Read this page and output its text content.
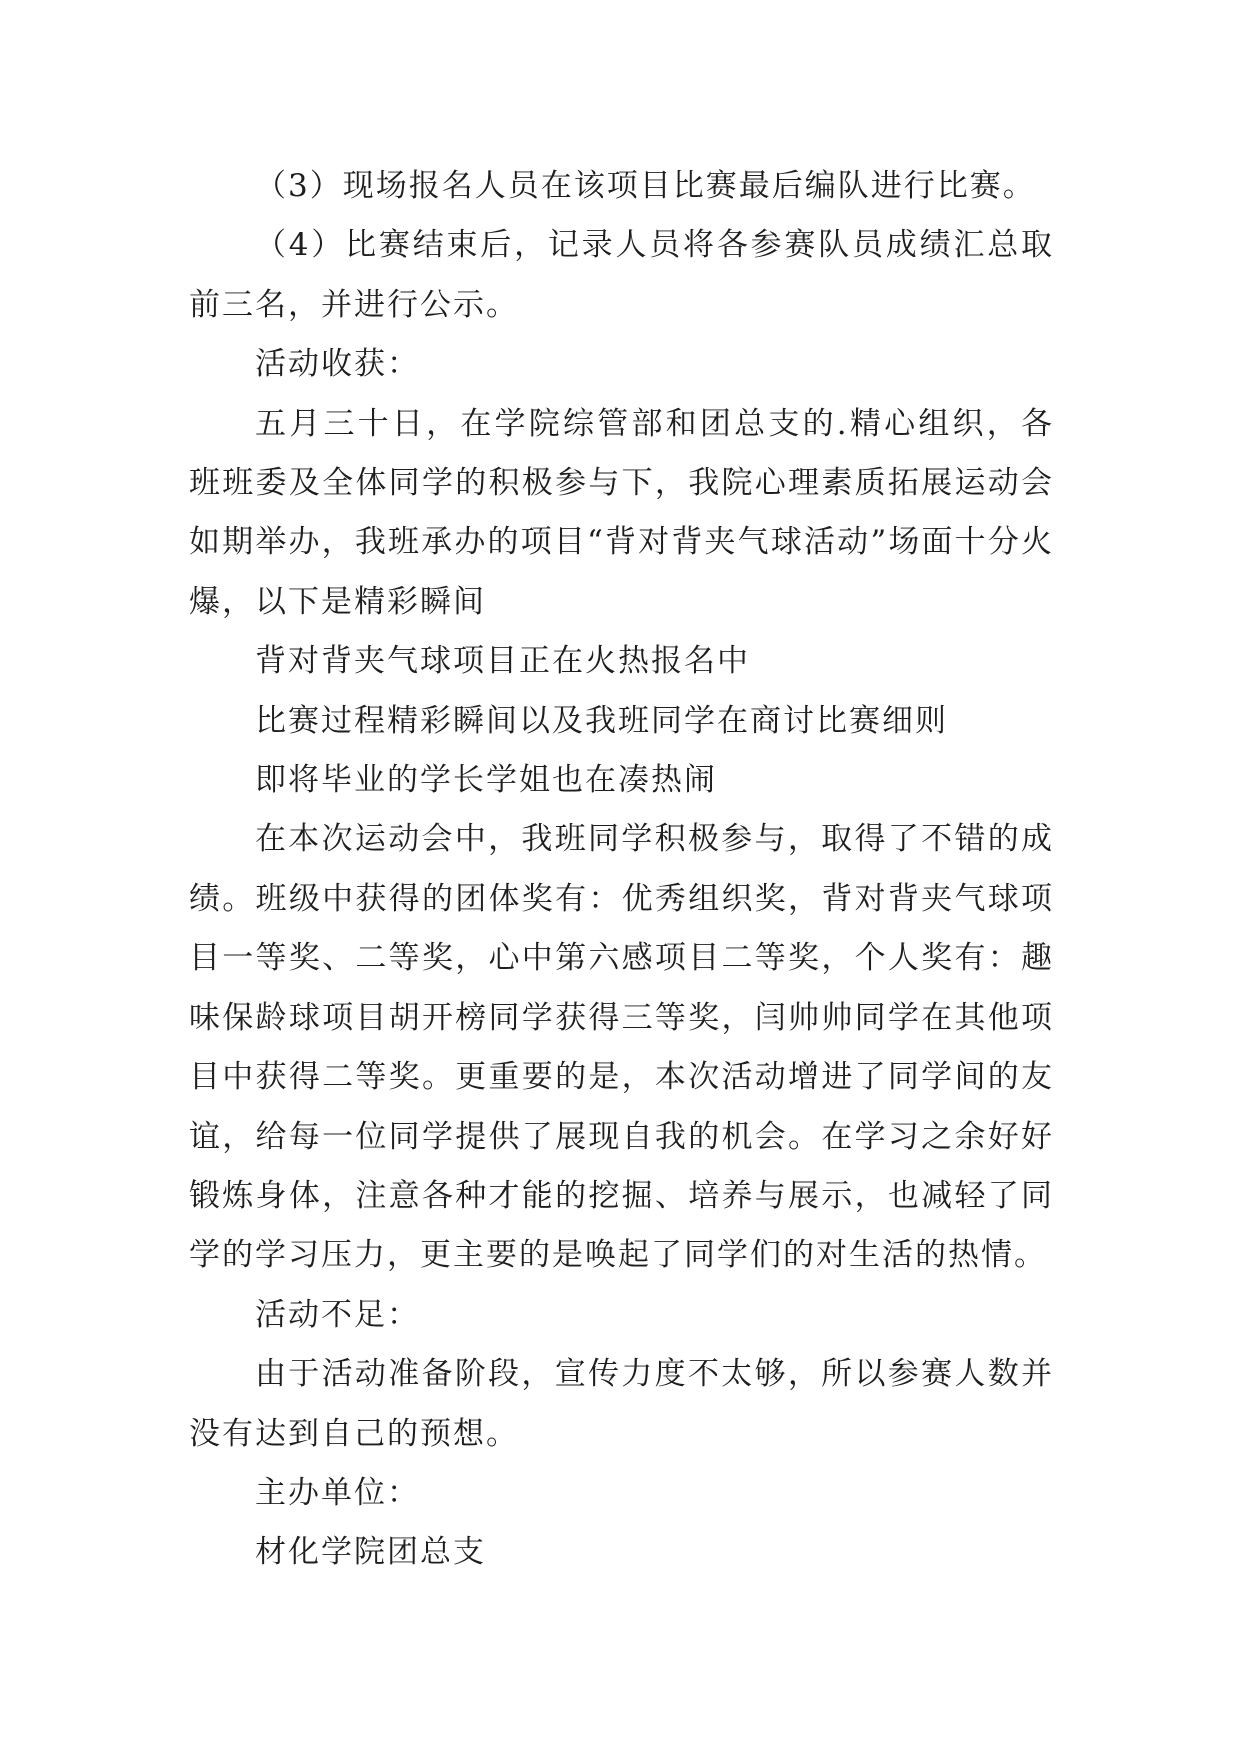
（3）现场报名人员在该项目比赛最后编队进行比赛。

（4）比赛结束后，记录人员将各参赛队员成绩汇总取前三名，并进行公示。

活动收获：

五月三十日，在学院综管部和团总支的.精心组织，各班班委及全体同学的积极参与下，我院心理素质拓展运动会如期举办，我班承办的项目“背对背夹气球活动”场面十分火爆，以下是精彩瞬间

背对背夹气球项目正在火热报名中

比赛过程精彩瞬间以及我班同学在商讨比赛细则

即将毕业的学长学姐也在凑热闹

在本次运动会中，我班同学积极参与，取得了不错的成绩。班级中获得的团体奖有：优秀组织奖，背对背夹气球项目一等奖、二等奖，心中第六感项目二等奖，个人奖有：趣味保龄球项目胡开榜同学获得三等奖，闫帅帅同学在其他项目中获得二等奖。更重要的是，本次活动增进了同学间的友谊，给每一位同学提供了展现自我的机会。在学习之余好好锻炼身体，注意各种才能的挖掘、培养与展示，也减轻了同学的学习压力，更主要的是唤起了同学们的对生活的热情。

活动不足：

由于活动准备阶段，宣传力度不太够，所以参赛人数并没有达到自己的预想。

主办单位：

材化学院团总支
